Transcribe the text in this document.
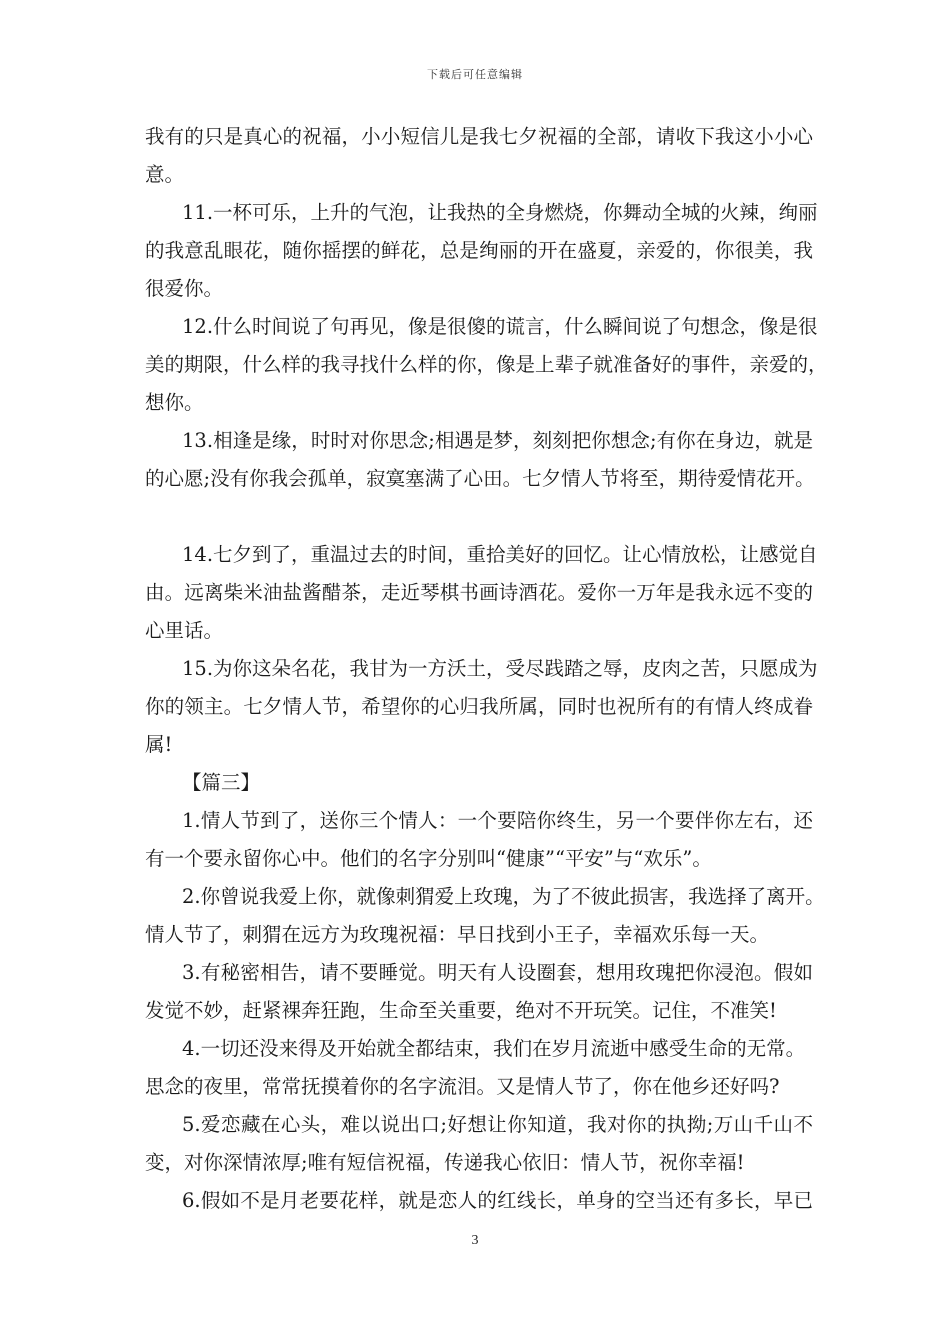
下载后可任意编辑
我有的只是真心的祝福，小小短信儿是我七夕祝福的全部，请收下我这小小心
意。
11.一杯可乐，上升的气泡，让我热的全身燃烧，你舞动全城的火辣，绚丽
的我意乱眼花，随你摇摆的鲜花，总是绚丽的开在盛夏，亲爱的，你很美，我
很爱你。
12.什么时间说了句再见，像是很傻的谎言，什么瞬间说了句想念，像是很
美的期限，什么样的我寻找什么样的你，像是上辈子就准备好的事件，亲爱的，
想你。
13.相逢是缘，时时对你思念;相遇是梦，刻刻把你想念;有你在身边，就是
的心愿;没有你我会孤单，寂寞塞满了心田。七夕情人节将至，期待爱情花开。
14.七夕到了，重温过去的时间，重拾美好的回忆。让心情放松，让感觉自
由。远离柴米油盐酱醋茶，走近琴棋书画诗酒花。爱你一万年是我永远不变的
心里话。
15.为你这朵名花，我甘为一方沃土，受尽践踏之辱，皮肉之苦，只愿成为
你的领主。七夕情人节，希望你的心归我所属，同时也祝所有的有情人终成眷
属!
【篇三】
1.情人节到了，送你三个情人：一个要陪你终生，另一个要伴你左右，还
有一个要永留你心中。他们的名字分别叫“健康”“平安”与“欢乐”。
2.你曾说我爱上你，就像刺猬爱上玫瑰，为了不彼此损害，我选择了离开。
情人节了，刺猬在远方为玫瑰祝福：早日找到小王子，幸福欢乐每一天。
3.有秘密相告，请不要睡觉。明天有人设圈套，想用玫瑰把你浸泡。假如
发觉不妙，赶紧裸奔狂跑，生命至关重要，绝对不开玩笑。记住，不准笑!
4.一切还没来得及开始就全都结束，我们在岁月流逝中感受生命的无常。
思念的夜里，常常抚摸着你的名字流泪。又是情人节了，你在他乡还好吗?
5.爱恋藏在心头，难以说出口;好想让你知道，我对你的执拗;万山千山不
变，对你深情浓厚;唯有短信祝福，传递我心依旧：情人节，祝你幸福!
6.假如不是月老要花样，就是恋人的红线长，单身的空当还有多长，早已
3
